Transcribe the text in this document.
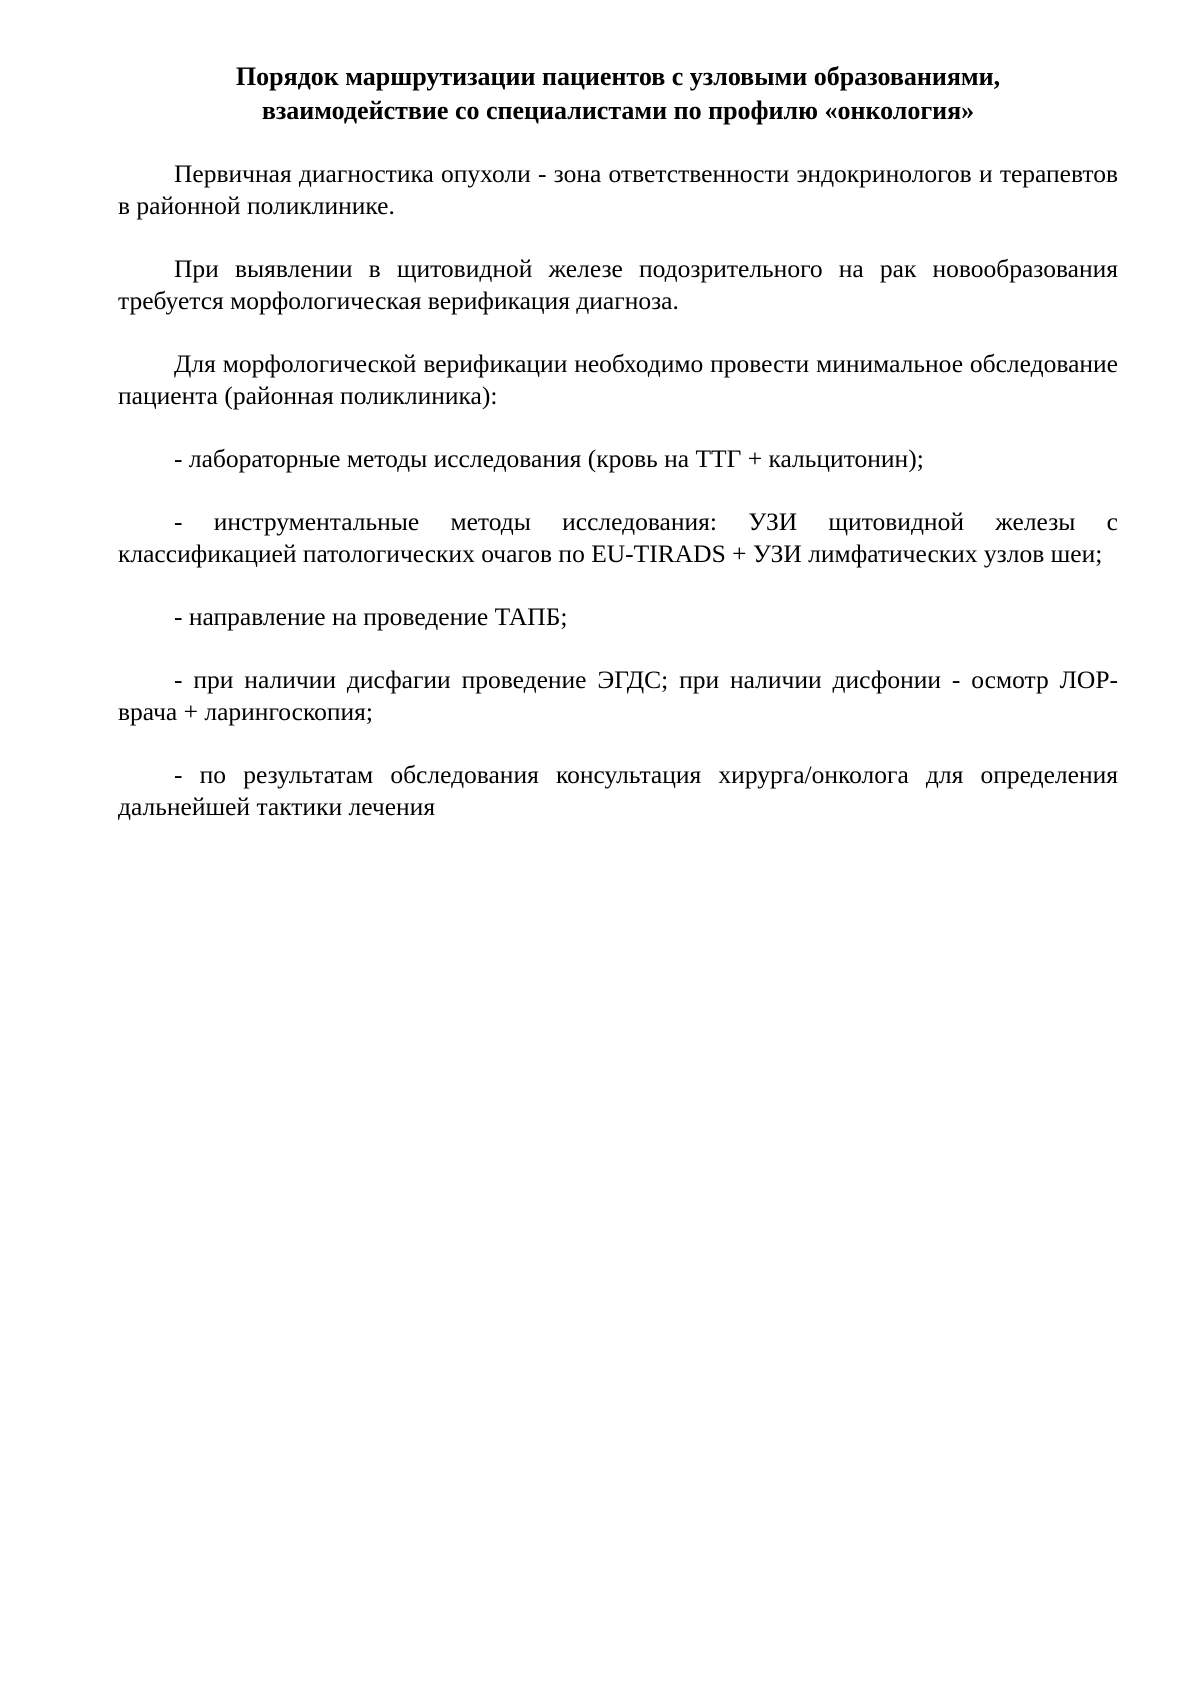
Порядок маршрутизации пациентов с узловыми образованиями,
взаимодействие со специалистами по профилю «онкология»

Первичная диагностика опухоли - зона ответственности эндокринологов и терапевтов в районной поликлинике.

При выявлении в щитовидной железе подозрительного на рак новообразования требуется морфологическая верификация диагноза.

Для морфологической верификации необходимо провести минимальное обследование пациента (районная поликлиника):

- лабораторные методы исследования (кровь на ТТГ + кальцитонин);

- инструментальные методы исследования: УЗИ щитовидной железы с классификацией патологических очагов по EU-TIRADS + УЗИ лимфатических узлов шеи;

- направление на проведение ТАПБ;

- при наличии дисфагии проведение ЭГДС; при наличии дисфонии - осмотр ЛОР-врача + ларингоскопия;

- по результатам обследования консультация хирурга/онколога для определения дальнейшей тактики лечения
